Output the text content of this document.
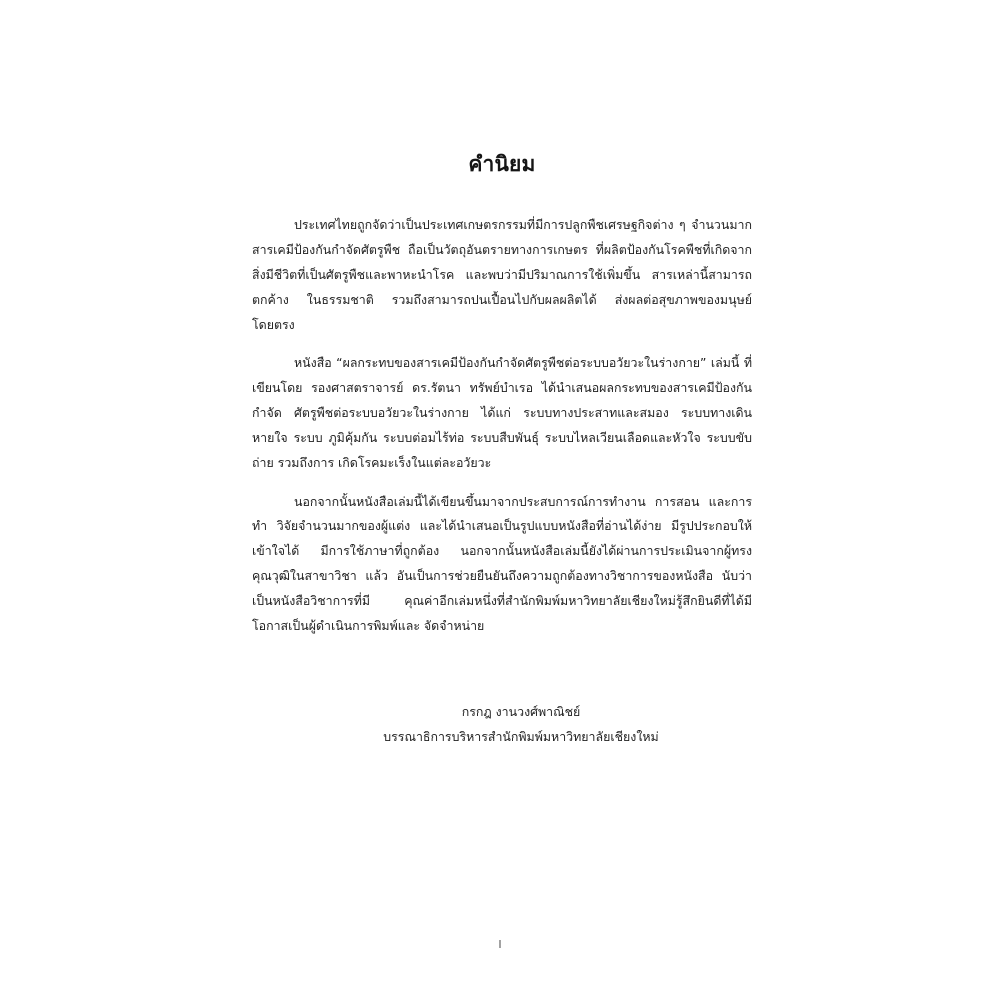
คำนิยม

ประเทศไทยถูกจัดว่าเป็นประเทศเกษตรกรรมที่มีการปลูกพืชเศรษฐกิจต่าง ๆ จำนวนมาก สารเคมีป้องกันกำจัดศัตรูพืช ถือเป็นวัตถุอันตรายทางการเกษตร ที่ผลิตป้องกันโรคพืชที่เกิดจาก สิ่งมีชีวิตที่เป็นศัตรูพืชและพาหะนำโรค และพบว่ามีปริมาณการใช้เพิ่มขึ้น สารเหล่านี้สามารถตกค้าง ในธรรมชาติ รวมถึงสามารถปนเปื้อนไปกับผลผลิตได้ ส่งผลต่อสุขภาพของมนุษย์โดยตรง

หนังสือ “ผลกระทบของสารเคมีป้องกันกำจัดศัตรูพืชต่อระบบอวัยวะในร่างกาย” เล่มนี้ ที่เขียนโดย รองศาสตราจารย์ ดร.รัตนา ทรัพย์บำเรอ ได้นำเสนอผลกระทบของสารเคมีป้องกันกำจัด ศัตรูพืชต่อระบบอวัยวะในร่างกาย ได้แก่ ระบบทางประสาทและสมอง ระบบทางเดินหายใจ ระบบ ภูมิคุ้มกัน ระบบต่อมไร้ท่อ ระบบสืบพันธุ์ ระบบไหลเวียนเลือดและหัวใจ ระบบขับถ่าย รวมถึงการ เกิดโรคมะเร็งในแต่ละอวัยวะ

นอกจากนั้นหนังสือเล่มนี้ได้เขียนขึ้นมาจากประสบการณ์การทำงาน การสอน และการทำ วิจัยจำนวนมากของผู้แต่ง และได้นำเสนอเป็นรูปแบบหนังสือที่อ่านได้ง่าย มีรูปประกอบให้เข้าใจได้ มีการใช้ภาษาที่ถูกต้อง นอกจากนั้นหนังสือเล่มนี้ยังได้ผ่านการประเมินจากผู้ทรงคุณวุฒิในสาขาวิชา แล้ว อันเป็นการช่วยยืนยันถึงความถูกต้องทางวิชาการของหนังสือ นับว่าเป็นหนังสือวิชาการที่มี คุณค่าอีกเล่มหนึ่งที่สำนักพิมพ์มหาวิทยาลัยเชียงใหม่รู้สึกยินดีที่ได้มีโอกาสเป็นผู้ดำเนินการพิมพ์และ จัดจำหน่าย

กรกฎ งานวงศ์พาณิชย์
บรรณาธิการบริหารสำนักพิมพ์มหาวิทยาลัยเชียงใหม่
I
